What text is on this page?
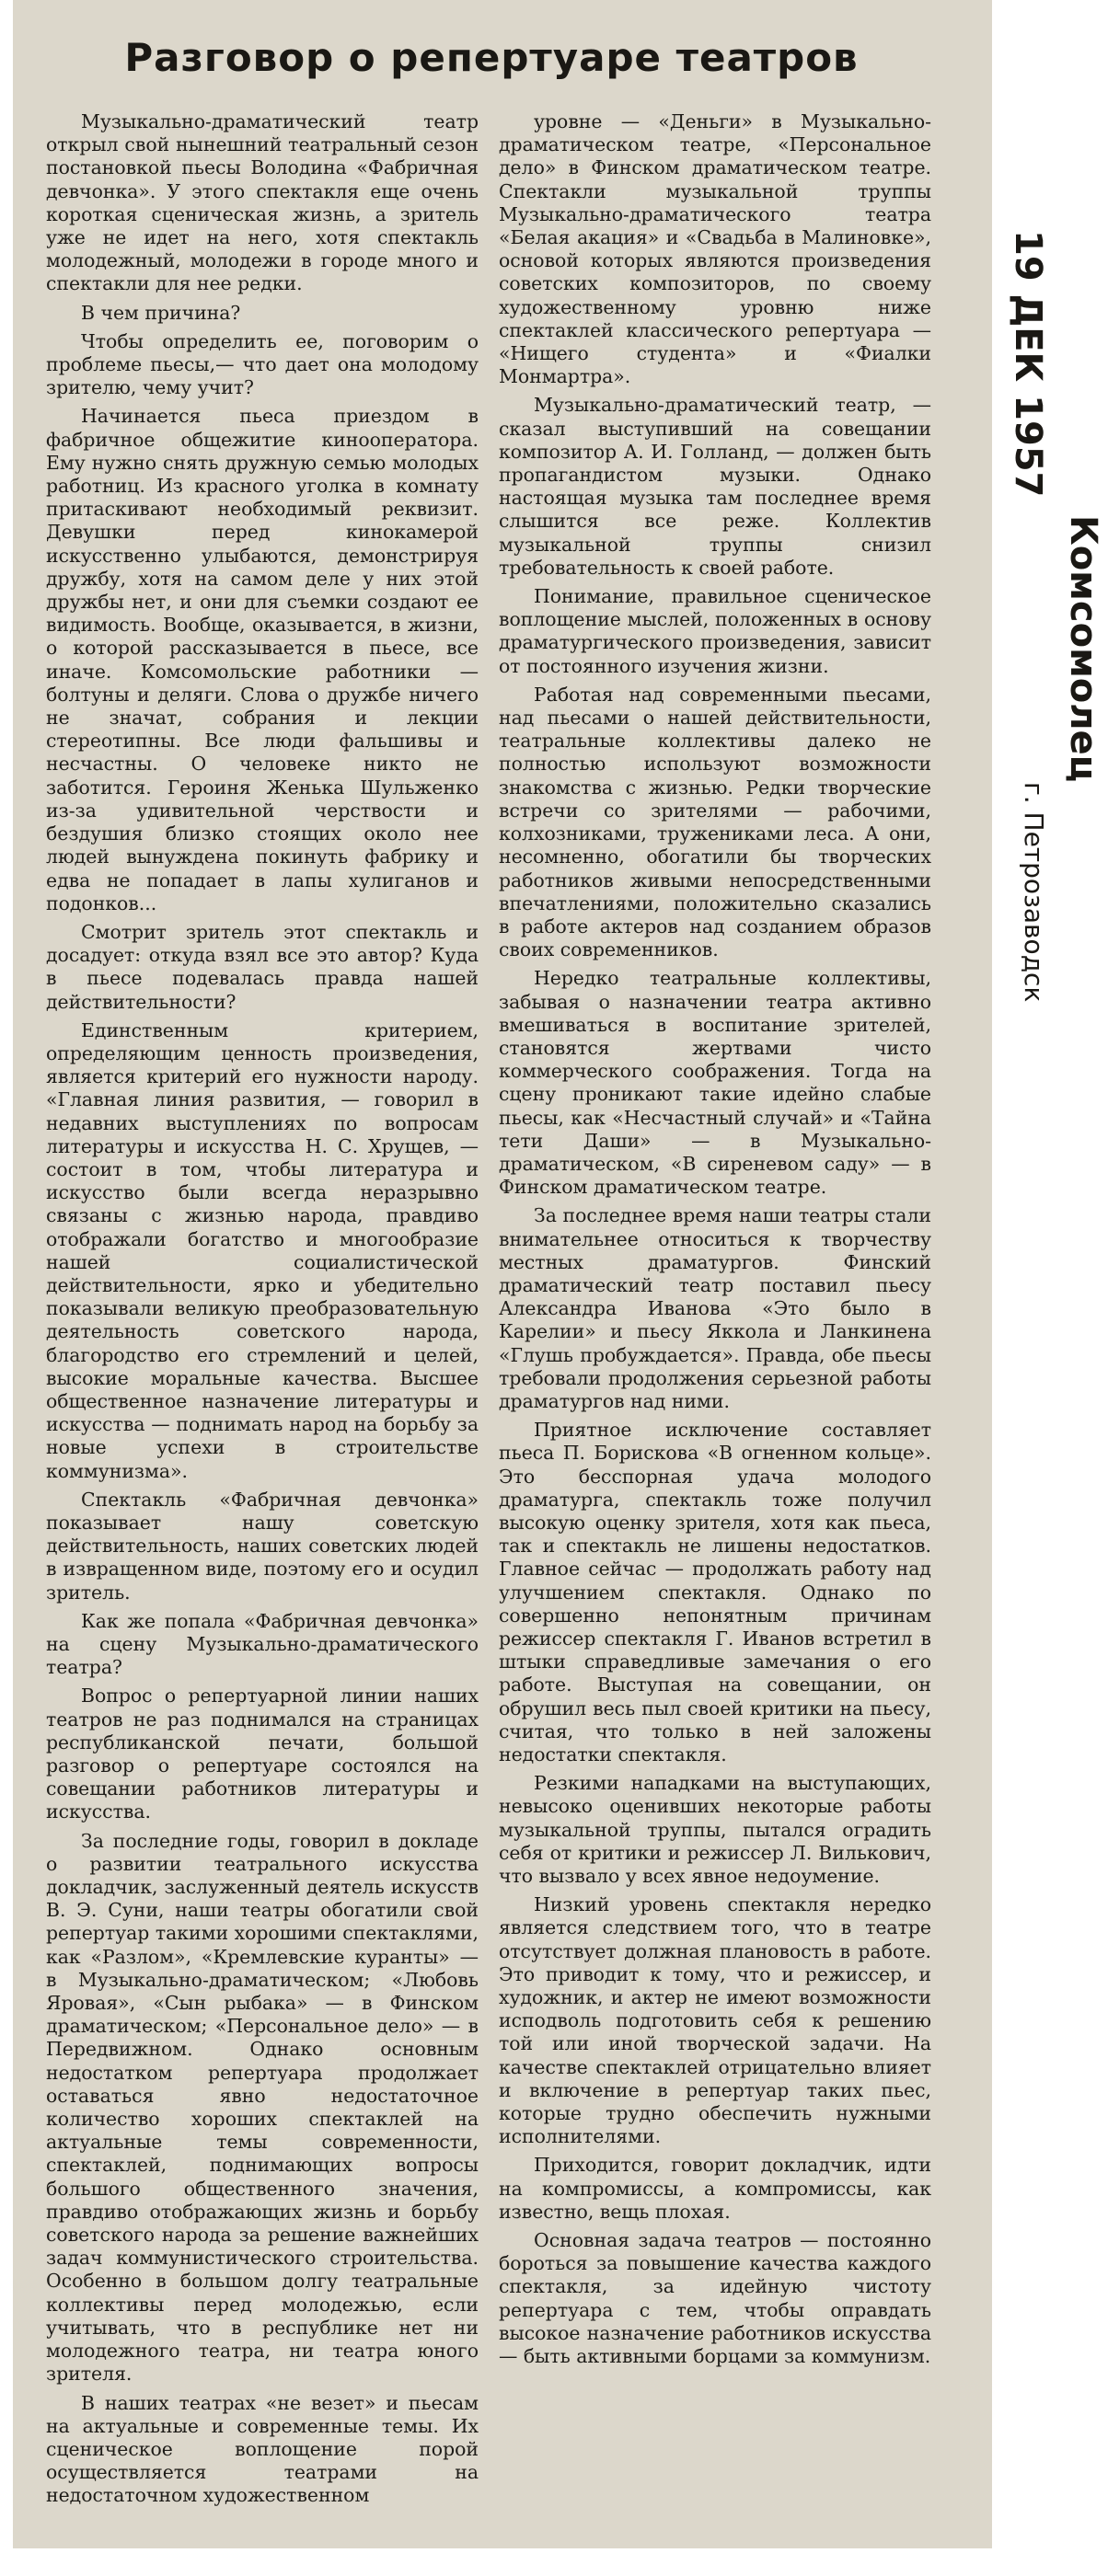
Разговор о репертуаре театров

Музыкально-драматический театр открыл свой нынешний театральный сезон постановкой пьесы Володина «Фабричная девчонка». У этого спектакля еще очень короткая сценическая жизнь, а зритель уже не идет на него, хотя спектакль молодежный, молодежи в городе много и спектакли для нее редки.

В чем причина?

Чтобы определить ее, поговорим о проблеме пьесы,— что дает она молодому зрителю, чему учит?

Начинается пьеса приездом в фабричное общежитие кинооператора. Ему нужно снять дружную семью молодых работниц. Из красного уголка в комнату притаскивают необходимый реквизит. Девушки перед кинокамерой искусственно улыбаются, демонстрируя дружбу, хотя на самом деле у них этой дружбы нет, и они для съемки создают ее видимость. Вообще, оказывается, в жизни, о которой рассказывается в пьесе, все иначе. Комсомольские работники — болтуны и деляги. Слова о дружбе ничего не значат, собрания и лекции стереотипны. Все люди фальшивы и несчастны. О человеке никто не заботится. Героиня Женька Шульженко из-за удивительной черствости и бездушия близко стоящих около нее людей вынуждена покинуть фабрику и едва не попадает в лапы хулиганов и подонков...

Смотрит зритель этот спектакль и досадует: откуда взял все это автор? Куда в пьесе подевалась правда нашей действительности?

Единственным критерием, определяющим ценность произведения, является критерий его нужности народу. «Главная линия развития, — говорил в недавних выступлениях по вопросам литературы и искусства Н. С. Хрущев, — состоит в том, чтобы литература и искусство были всегда неразрывно связаны с жизнью народа, правдиво отображали богатство и многообразие нашей социалистической действительности, ярко и убедительно показывали великую преобразовательную деятельность советского народа, благородство его стремлений и целей, высокие моральные качества. Высшее общественное назначение литературы и искусства — поднимать народ на борьбу за новые успехи в строительстве коммунизма».

Спектакль «Фабричная девчонка» показывает нашу советскую действительность, наших советских людей в извращенном виде, поэтому его и осудил зритель.

Как же попала «Фабричная девчонка» на сцену Музыкально-драматического театра?

Вопрос о репертуарной линии наших театров не раз поднимался на страницах республиканской печати, большой разговор о репертуаре состоялся на совещании работников литературы и искусства.

За последние годы, говорил в докладе о развитии театрального искусства докладчик, заслуженный деятель искусств В. Э. Суни, наши театры обогатили свой репертуар такими хорошими спектаклями, как «Разлом», «Кремлевские куранты» — в Музыкально-драматическом; «Любовь Яровая», «Сын рыбака» — в Финском драматическом; «Персональное дело» — в Передвижном. Однако основным недостатком репертуара продолжает оставаться явно недостаточное количество хороших спектаклей на актуальные темы современности, спектаклей, поднимающих вопросы большого общественного значения, правдиво отображающих жизнь и борьбу советского народа за решение важнейших задач коммунистического строительства. Особенно в большом долгу театральные коллективы перед молодежью, если учитывать, что в республике нет ни молодежного театра, ни театра юного зрителя.

В наших театрах «не везет» и пьесам на актуальные и современные темы. Их сценическое воплощение порой осуществляется театрами на недостаточном художественном

уровне — «Деньги» в Музыкально-драматическом театре, «Персональное дело» в Финском драматическом театре. Спектакли музыкальной труппы Музыкально-драматического театра «Белая акация» и «Свадьба в Малиновке», основой которых являются произведения советских композиторов, по своему художественному уровню ниже спектаклей классического репертуара — «Нищего студента» и «Фиалки Монмартра».

Музыкально-драматический театр, — сказал выступивший на совещании композитор А. И. Голланд, — должен быть пропагандистом музыки. Однако настоящая музыка там последнее время слышится все реже. Коллектив музыкальной труппы снизил требовательность к своей работе.

Понимание, правильное сценическое воплощение мыслей, положенных в основу драматургического произведения, зависит от постоянного изучения жизни.

Работая над современными пьесами, над пьесами о нашей действительности, театральные коллективы далеко не полностью используют возможности знакомства с жизнью. Редки творческие встречи со зрителями — рабочими, колхозниками, тружениками леса. А они, несомненно, обогатили бы творческих работников живыми непосредственными впечатлениями, положительно сказались в работе актеров над созданием образов своих современников.

Нередко театральные коллективы, забывая о назначении театра активно вмешиваться в воспитание зрителей, становятся жертвами чисто коммерческого соображения. Тогда на сцену проникают такие идейно слабые пьесы, как «Несчастный случай» и «Тайна тети Даши» — в Музыкально-драматическом, «В сиреневом саду» — в Финском драматическом театре.

За последнее время наши театры стали внимательнее относиться к творчеству местных драматургов. Финский драматический театр поставил пьесу Александра Иванова «Это было в Карелии» и пьесу Яккола и Ланкинена «Глушь пробуждается». Правда, обе пьесы требовали продолжения серьезной работы драматургов над ними.

Приятное исключение составляет пьеса П. Борискова «В огненном кольце». Это бесспорная удача молодого драматурга, спектакль тоже получил высокую оценку зрителя, хотя как пьеса, так и спектакль не лишены недостатков. Главное сейчас — продолжать работу над улучшением спектакля. Однако по совершенно непонятным причинам режиссер спектакля Г. Иванов встретил в штыки справедливые замечания о его работе. Выступая на совещании, он обрушил весь пыл своей критики на пьесу, считая, что только в ней заложены недостатки спектакля.

Резкими нападками на выступающих, невысоко оценивших некоторые работы музыкальной труппы, пытался оградить себя от критики и режиссер Л. Вилькович, что вызвало у всех явное недоумение.

Низкий уровень спектакля нередко является следствием того, что в театре отсутствует должная плановость в работе. Это приводит к тому, что и режиссер, и художник, и актер не имеют возможности исподволь подготовить себя к решению той или иной творческой задачи. На качестве спектаклей отрицательно влияет и включение в репертуар таких пьес, которые трудно обеспечить нужными исполнителями.

Приходится, говорит докладчик, идти на компромиссы, а компромиссы, как известно, вещь плохая.

Основная задача театров — постоянно бороться за повышение качества каждого спектакля, за идейную чистоту репертуара с тем, чтобы оправдать высокое назначение работников искусства — быть активными борцами за коммунизм.

19 ДЕК 1957
Комсомолец
г. Петрозаводск
